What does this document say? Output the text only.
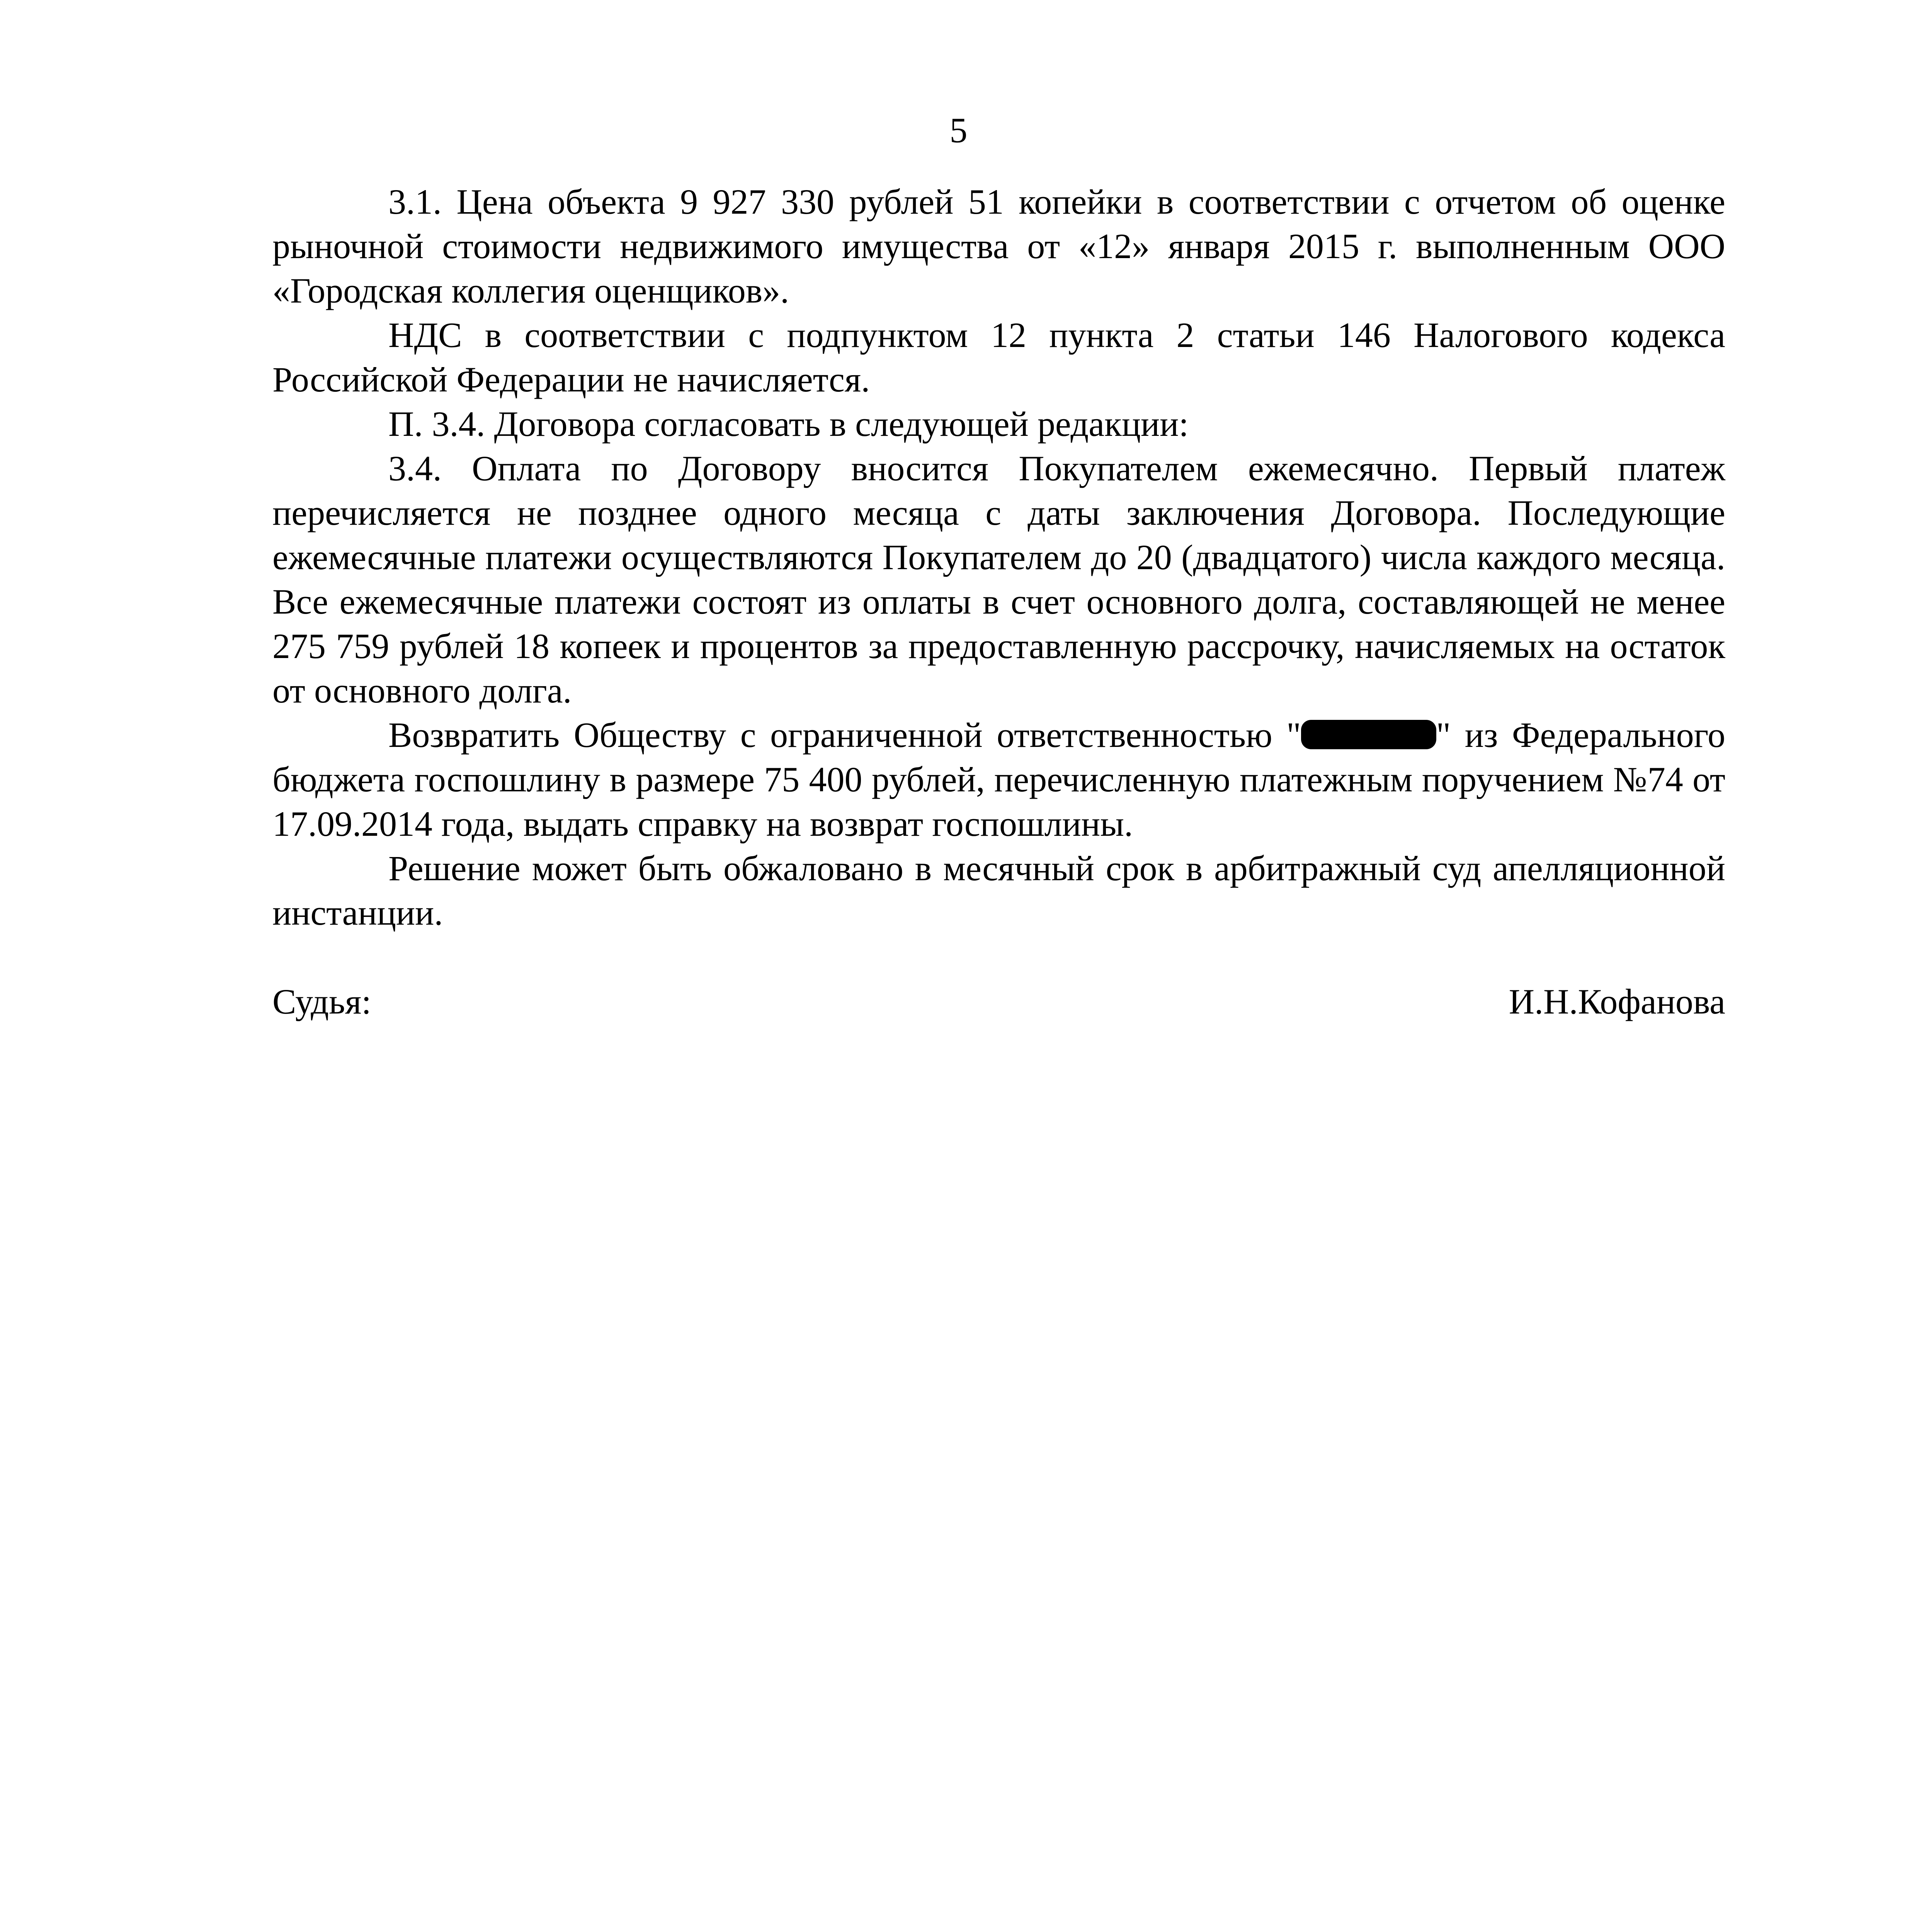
5

3.1. Цена объекта 9 927 330 рублей 51 копейки в соответствии с отчетом об оценке рыночной стоимости недвижимого имущества от «12» января 2015 г. выполненным ООО «Городская коллегия оценщиков».

НДС в соответствии с подпунктом 12 пункта 2 статьи 146 Налогового кодекса Российской Федерации не начисляется.

П. 3.4. Договора согласовать в следующей редакции:

3.4. Оплата по Договору вносится Покупателем ежемесячно. Первый платеж перечисляется не позднее одного месяца с даты заключения Договора. Последующие ежемесячные платежи осуществляются Покупателем до 20 (двадцатого) числа каждого месяца. Все ежемесячные платежи состоят из оплаты в счет основного долга, составляющей не менее 275 759 рублей 18 копеек и процентов за предоставленную рассрочку, начисляемых на остаток от основного долга.

Возвратить Обществу с ограниченной ответственностью "	" из Федерального бюджета госпошлину в размере 75 400 рублей, перечисленную платежным поручением №74 от 17.09.2014 года, выдать справку на возврат госпошлины.

Решение может быть обжаловано в месячный срок в арбитражный суд апелляционной инстанции.

Судья:	И.Н.Кофанова
